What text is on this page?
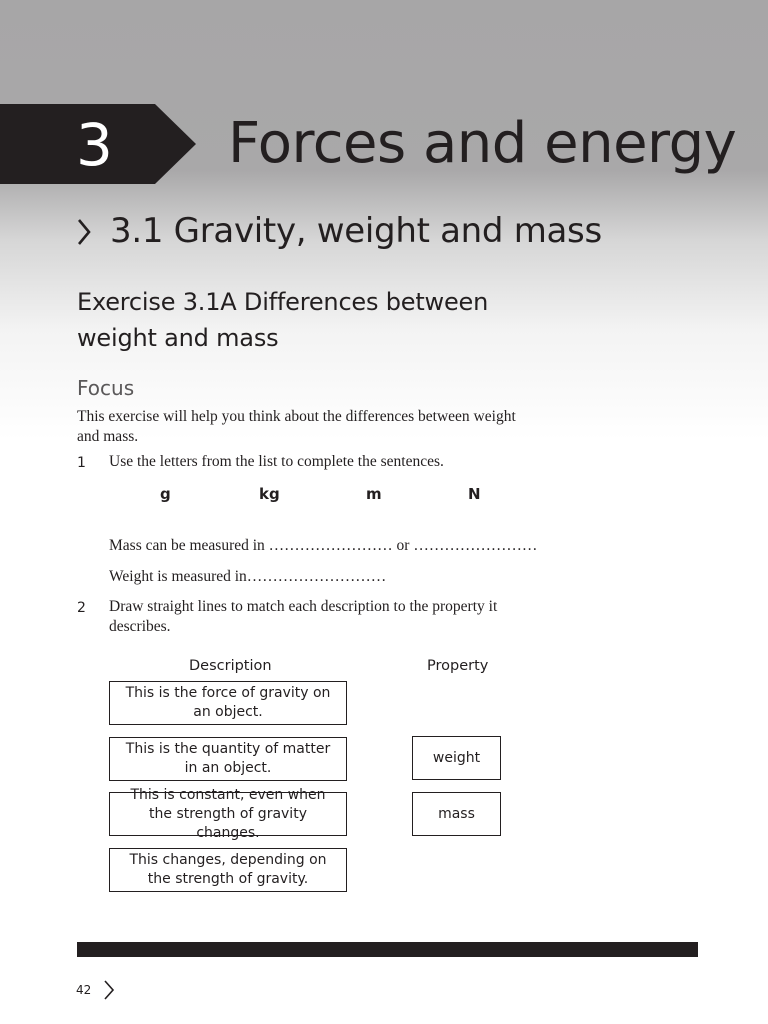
3 Forces and energy
3.1 Gravity, weight and mass
Exercise 3.1A Differences between weight and mass
Focus
This exercise will help you think about the differences between weight and mass.
1 Use the letters from the list to complete the sentences.
g	kg	m	N
Mass can be measured in …………………… or ……………………
Weight is measured in………………………
2 Draw straight lines to match each description to the property it describes.
Description	Property
This is the force of gravity on an object.
This is the quantity of matter in an object.
This is constant, even when the strength of gravity changes.
This changes, depending on the strength of gravity.
weight
mass
42
